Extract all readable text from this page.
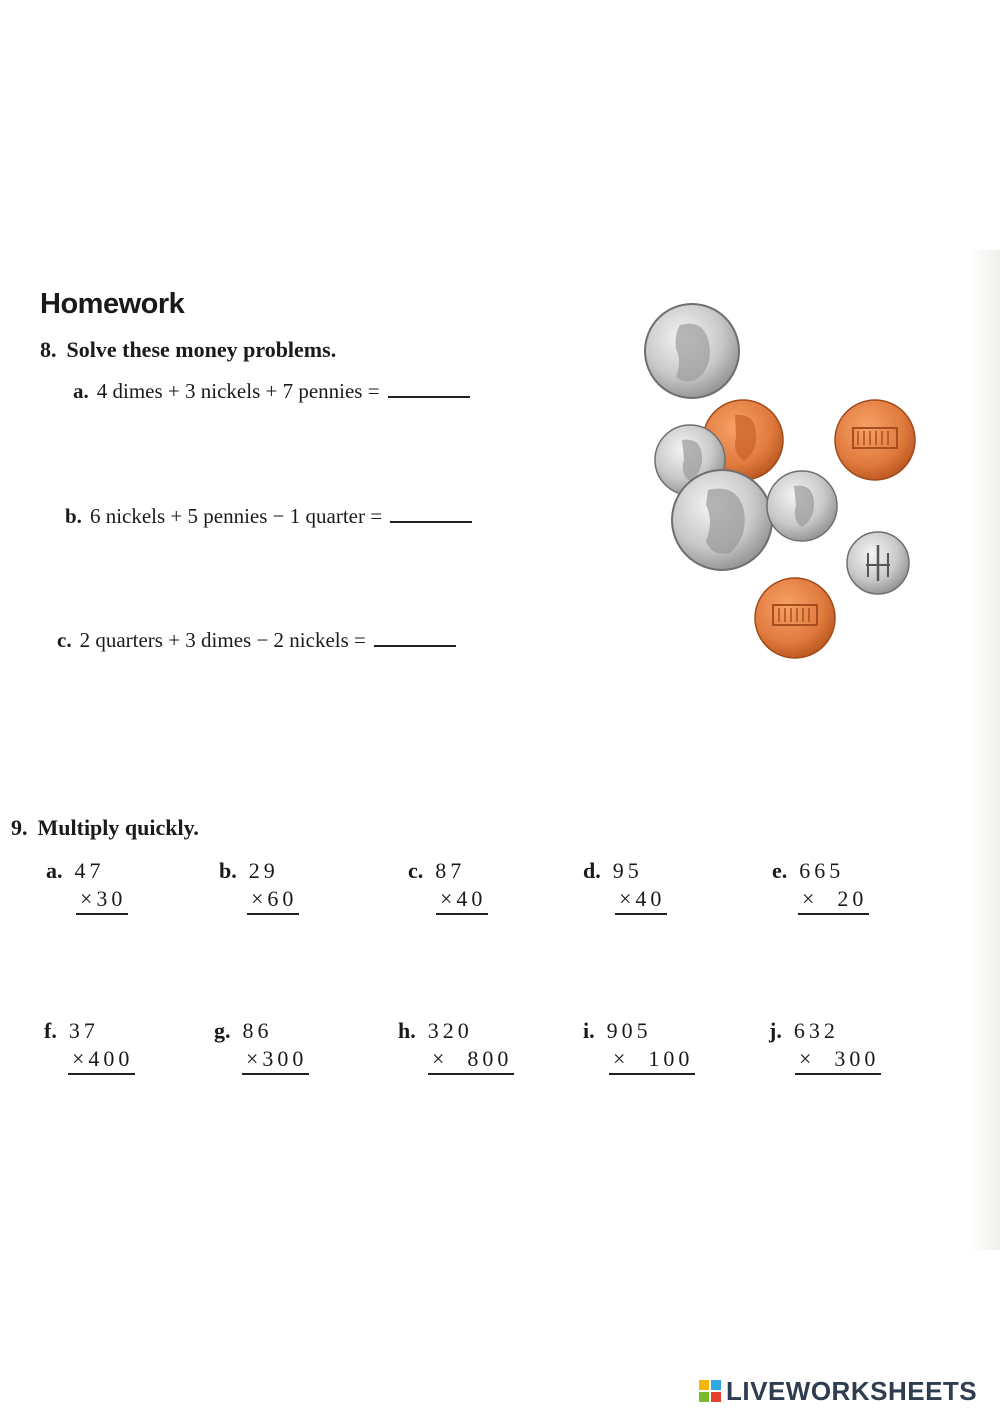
Homework
8. Solve these money problems.
a. 4 dimes + 3 nickels + 7 pennies =
b. 6 nickels + 5 pennies − 1 quarter =
c. 2 quarters + 3 dimes − 2 nickels =
9. Multiply quickly.
a. 47
×30
b. 29
×60
c. 87
×40
d. 95
×40
e. 665
×  20
f. 37
×400
g. 86
×300
h. 320
×  800
i. 905
×  100
j. 632
×  300
LIVEWORKSHEETS
